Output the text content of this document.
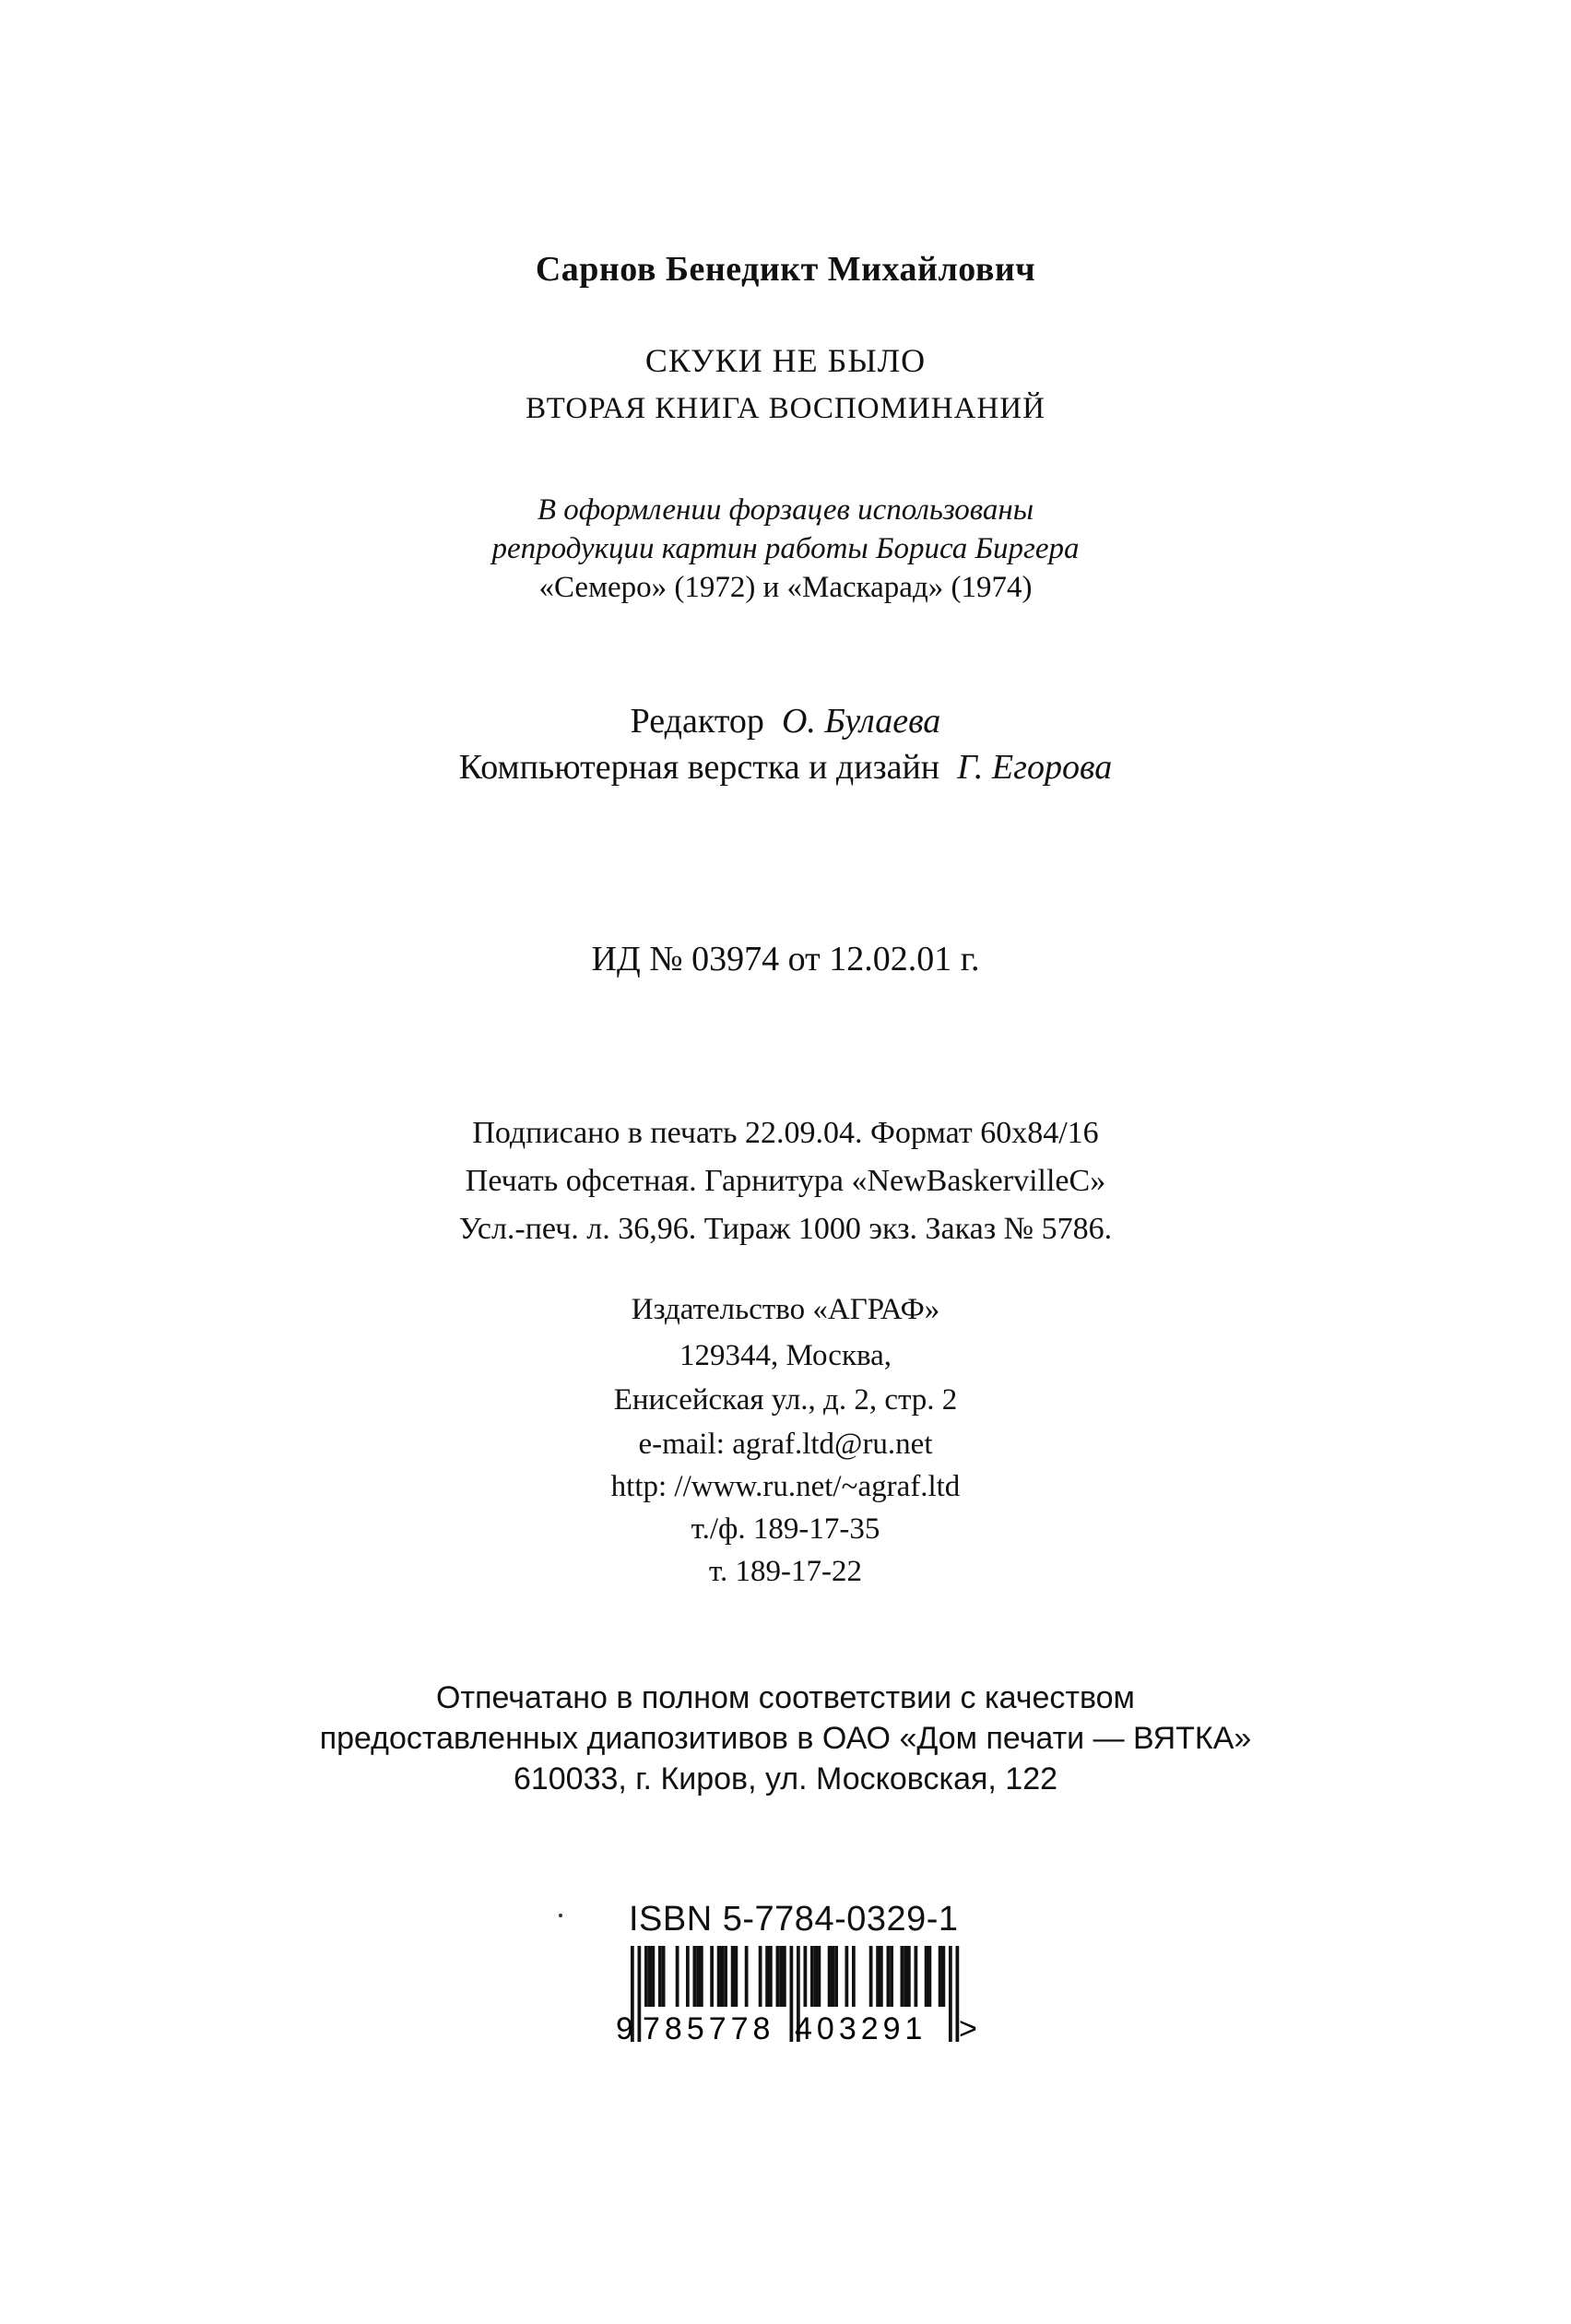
Сарнов Бенедикт Михайлович
СКУКИ НЕ БЫЛО
ВТОРАЯ КНИГА ВОСПОМИНАНИЙ
В оформлении форзацев использованы
репродукции картин работы Бориса Биргера
«Семеро» (1972) и «Маскарад» (1974)
Редактор О. Булаева
Компьютерная верстка и дизайн Г. Егорова
ИД № 03974 от 12.02.01 г.
Подписано в печать 22.09.04. Формат 60x84/16
Печать офсетная. Гарнитура «NewBaskervilleC»
Усл.-печ. л. 36,96. Тираж 1000 экз. Заказ № 5786.
Издательство «АГРАФ»
129344, Москва,
Енисейская ул., д. 2, стр. 2
e-mail: agraf.ltd@ru.net
http: //www.ru.net/~agraf.ltd
т./ф. 189-17-35
т. 189-17-22
Отпечатано в полном соответствии с качеством
предоставленных диапозитивов в ОАО «Дом печати — ВЯТКА»
610033, г. Киров, ул. Московская, 122
ISBN 5-7784-0329-1
9 785778 403291 >
